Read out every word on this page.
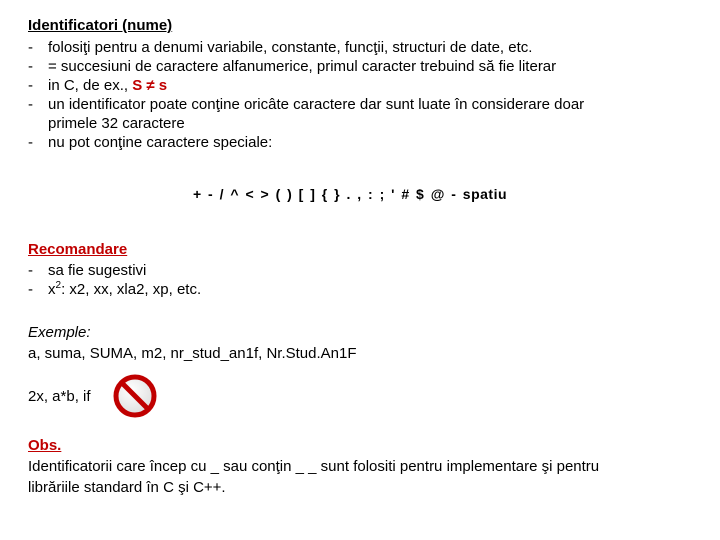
Identificatori (nume)
- folosiţi pentru a denumi variabile, constante, funcţii, structuri de date, etc.
- = succesiuni de caractere alfanumerice, primul caracter trebuind să fie literar
- in C, de ex., S ≠ s
- un identificator poate conţine oricâte caractere dar sunt luate în considerare doar
primele 32 caractere
- nu pot conţine caractere speciale:
+ - / ^ < > ( ) [ ] { } . , : ; ' # $ @ - spatiu
Recomandare
- sa fie sugestivi
- $x^2$: x2, xx, xla2, xp, etc.
Exemple:
a, suma, SUMA, m2, nr_stud_an1f, Nr.Stud.An1F
2x, a*b, if
Obs.
Identificatorii care încep cu _ sau conţin _ _ sunt folositi pentru implementare şi pentru
librăriile standard în C şi C++.
